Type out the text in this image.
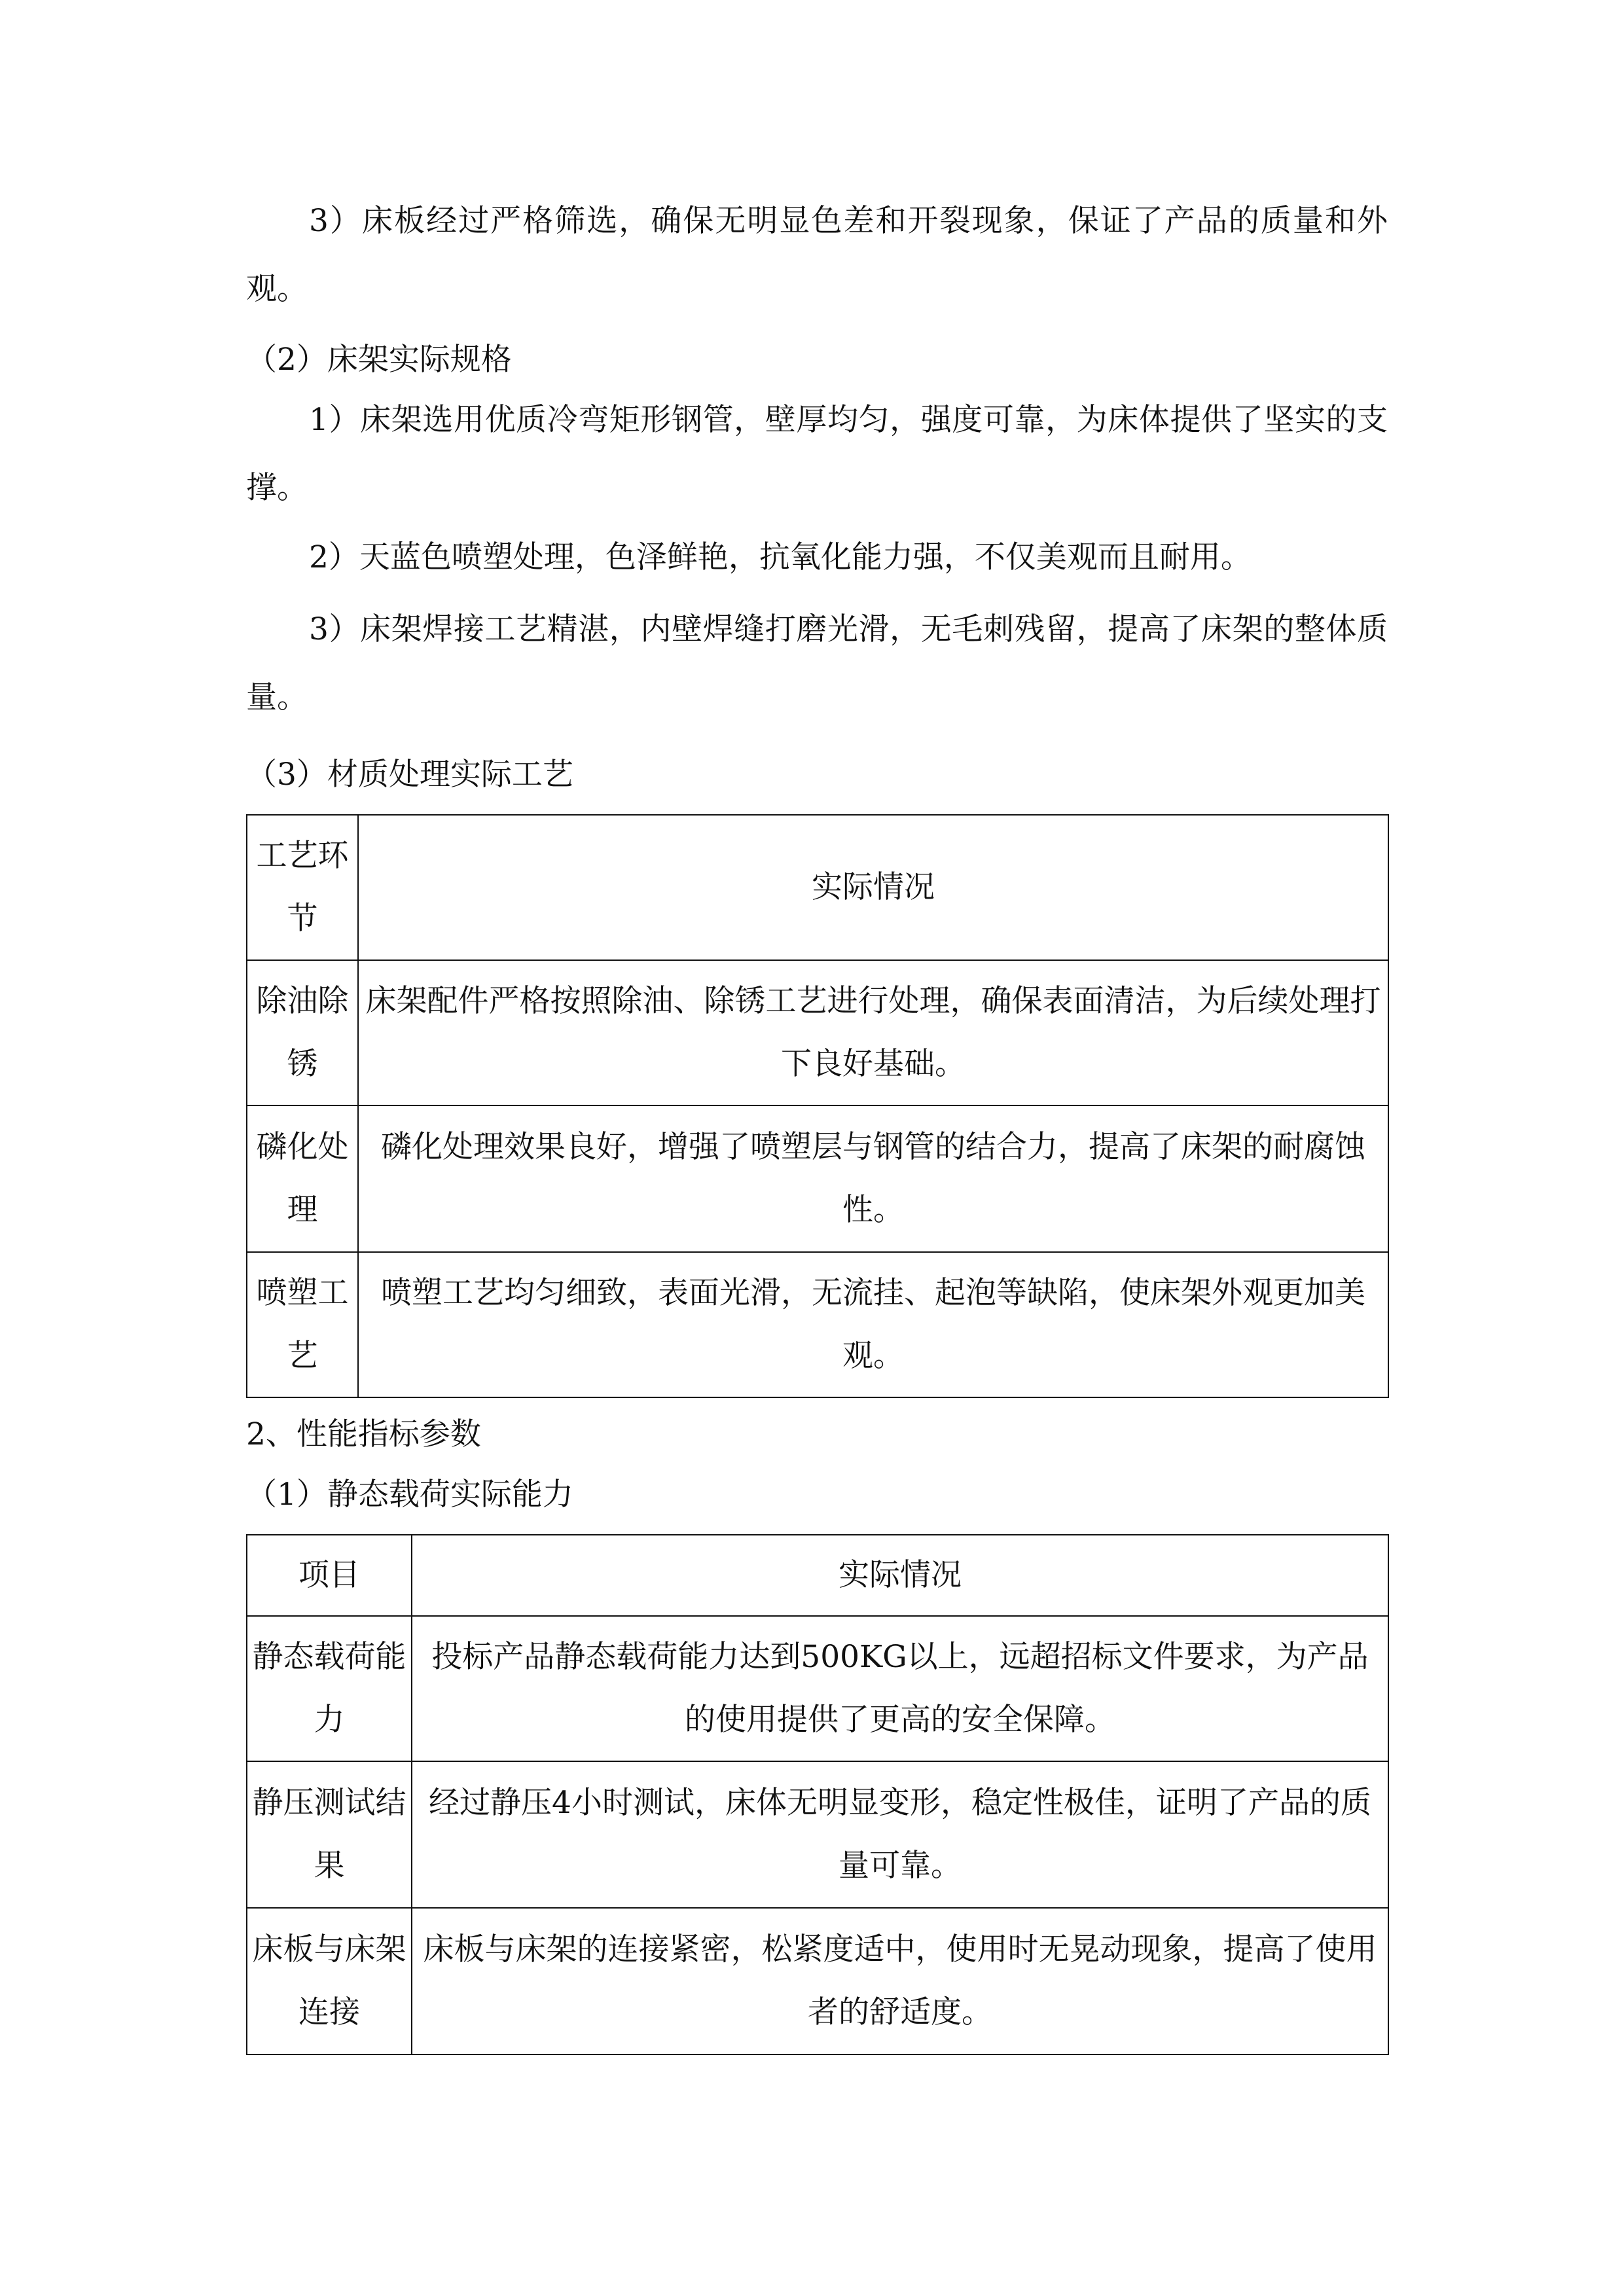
3）床板经过严格筛选，确保无明显色差和开裂现象，保证了产品的质量和外观。

（2）床架实际规格

1）床架选用优质冷弯矩形钢管，壁厚均匀，强度可靠，为床体提供了坚实的支撑。

2）天蓝色喷塑处理，色泽鲜艳，抗氧化能力强，不仅美观而且耐用。

3）床架焊接工艺精湛，内壁焊缝打磨光滑，无毛刺残留，提高了床架的整体质量。

（3）材质处理实际工艺

工艺环节	实际情况
除油除锈	床架配件严格按照除油、除锈工艺进行处理，确保表面清洁，为后续处理打下良好基础。
磷化处理	磷化处理效果良好，增强了喷塑层与钢管的结合力，提高了床架的耐腐蚀性。
喷塑工艺	喷塑工艺均匀细致，表面光滑，无流挂、起泡等缺陷，使床架外观更加美观。

2、性能指标参数

（1）静态载荷实际能力

项目	实际情况
静态载荷能力	投标产品静态载荷能力达到500KG以上，远超招标文件要求，为产品的使用提供了更高的安全保障。
静压测试结果	经过静压4小时测试，床体无明显变形，稳定性极佳，证明了产品的质量可靠。
床板与床架连接	床板与床架的连接紧密，松紧度适中，使用时无晃动现象，提高了使用者的舒适度。
